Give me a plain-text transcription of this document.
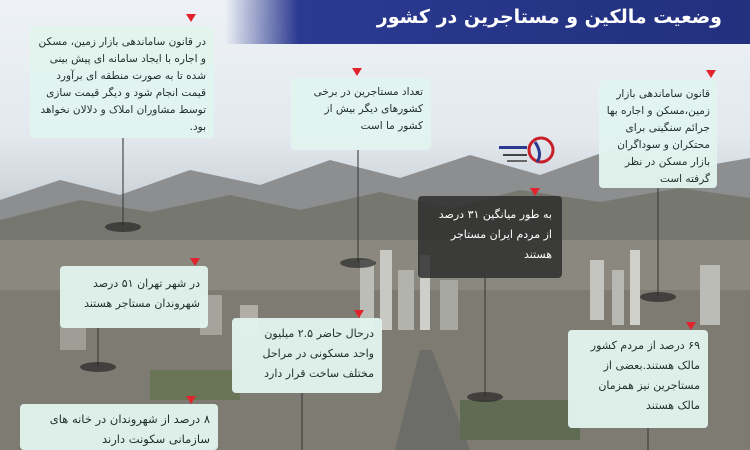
وضعیت مالکین و مستاجرین در کشور
در قانون ساماندهی بازار زمین، مسکن و اجاره با ایجاد سامانه ای پیش بینی شده تا به صورت منطقه ای برآورد قیمت انجام شود و دیگر قیمت سازی توسط مشاوران املاک و دلالان نخواهد بود.
تعداد مستاجرین در برخی کشورهای دیگر بیش از کشور ما است
قانون ساماندهی بازار زمین،مسکن و اجاره بها جرائم سنگینی برای محتکران و سوداگران بازار مسکن در نظر گرفته است
به طور میانگین ۳۱ درصد از مردم ایران مستاجر هستند
در شهر تهران ۵۱ درصد شهروندان مستاجر هستند
درحال حاضر ۲.۵ میلیون واحد مسکونی در مراحل مختلف ساخت قرار دارد
۶۹ درصد از مردم کشور مالک هستند.بعضی از مستاجرین نیز همزمان مالک هستند
۸ درصد از شهروندان در خانه های سازمانی سکونت دارند
